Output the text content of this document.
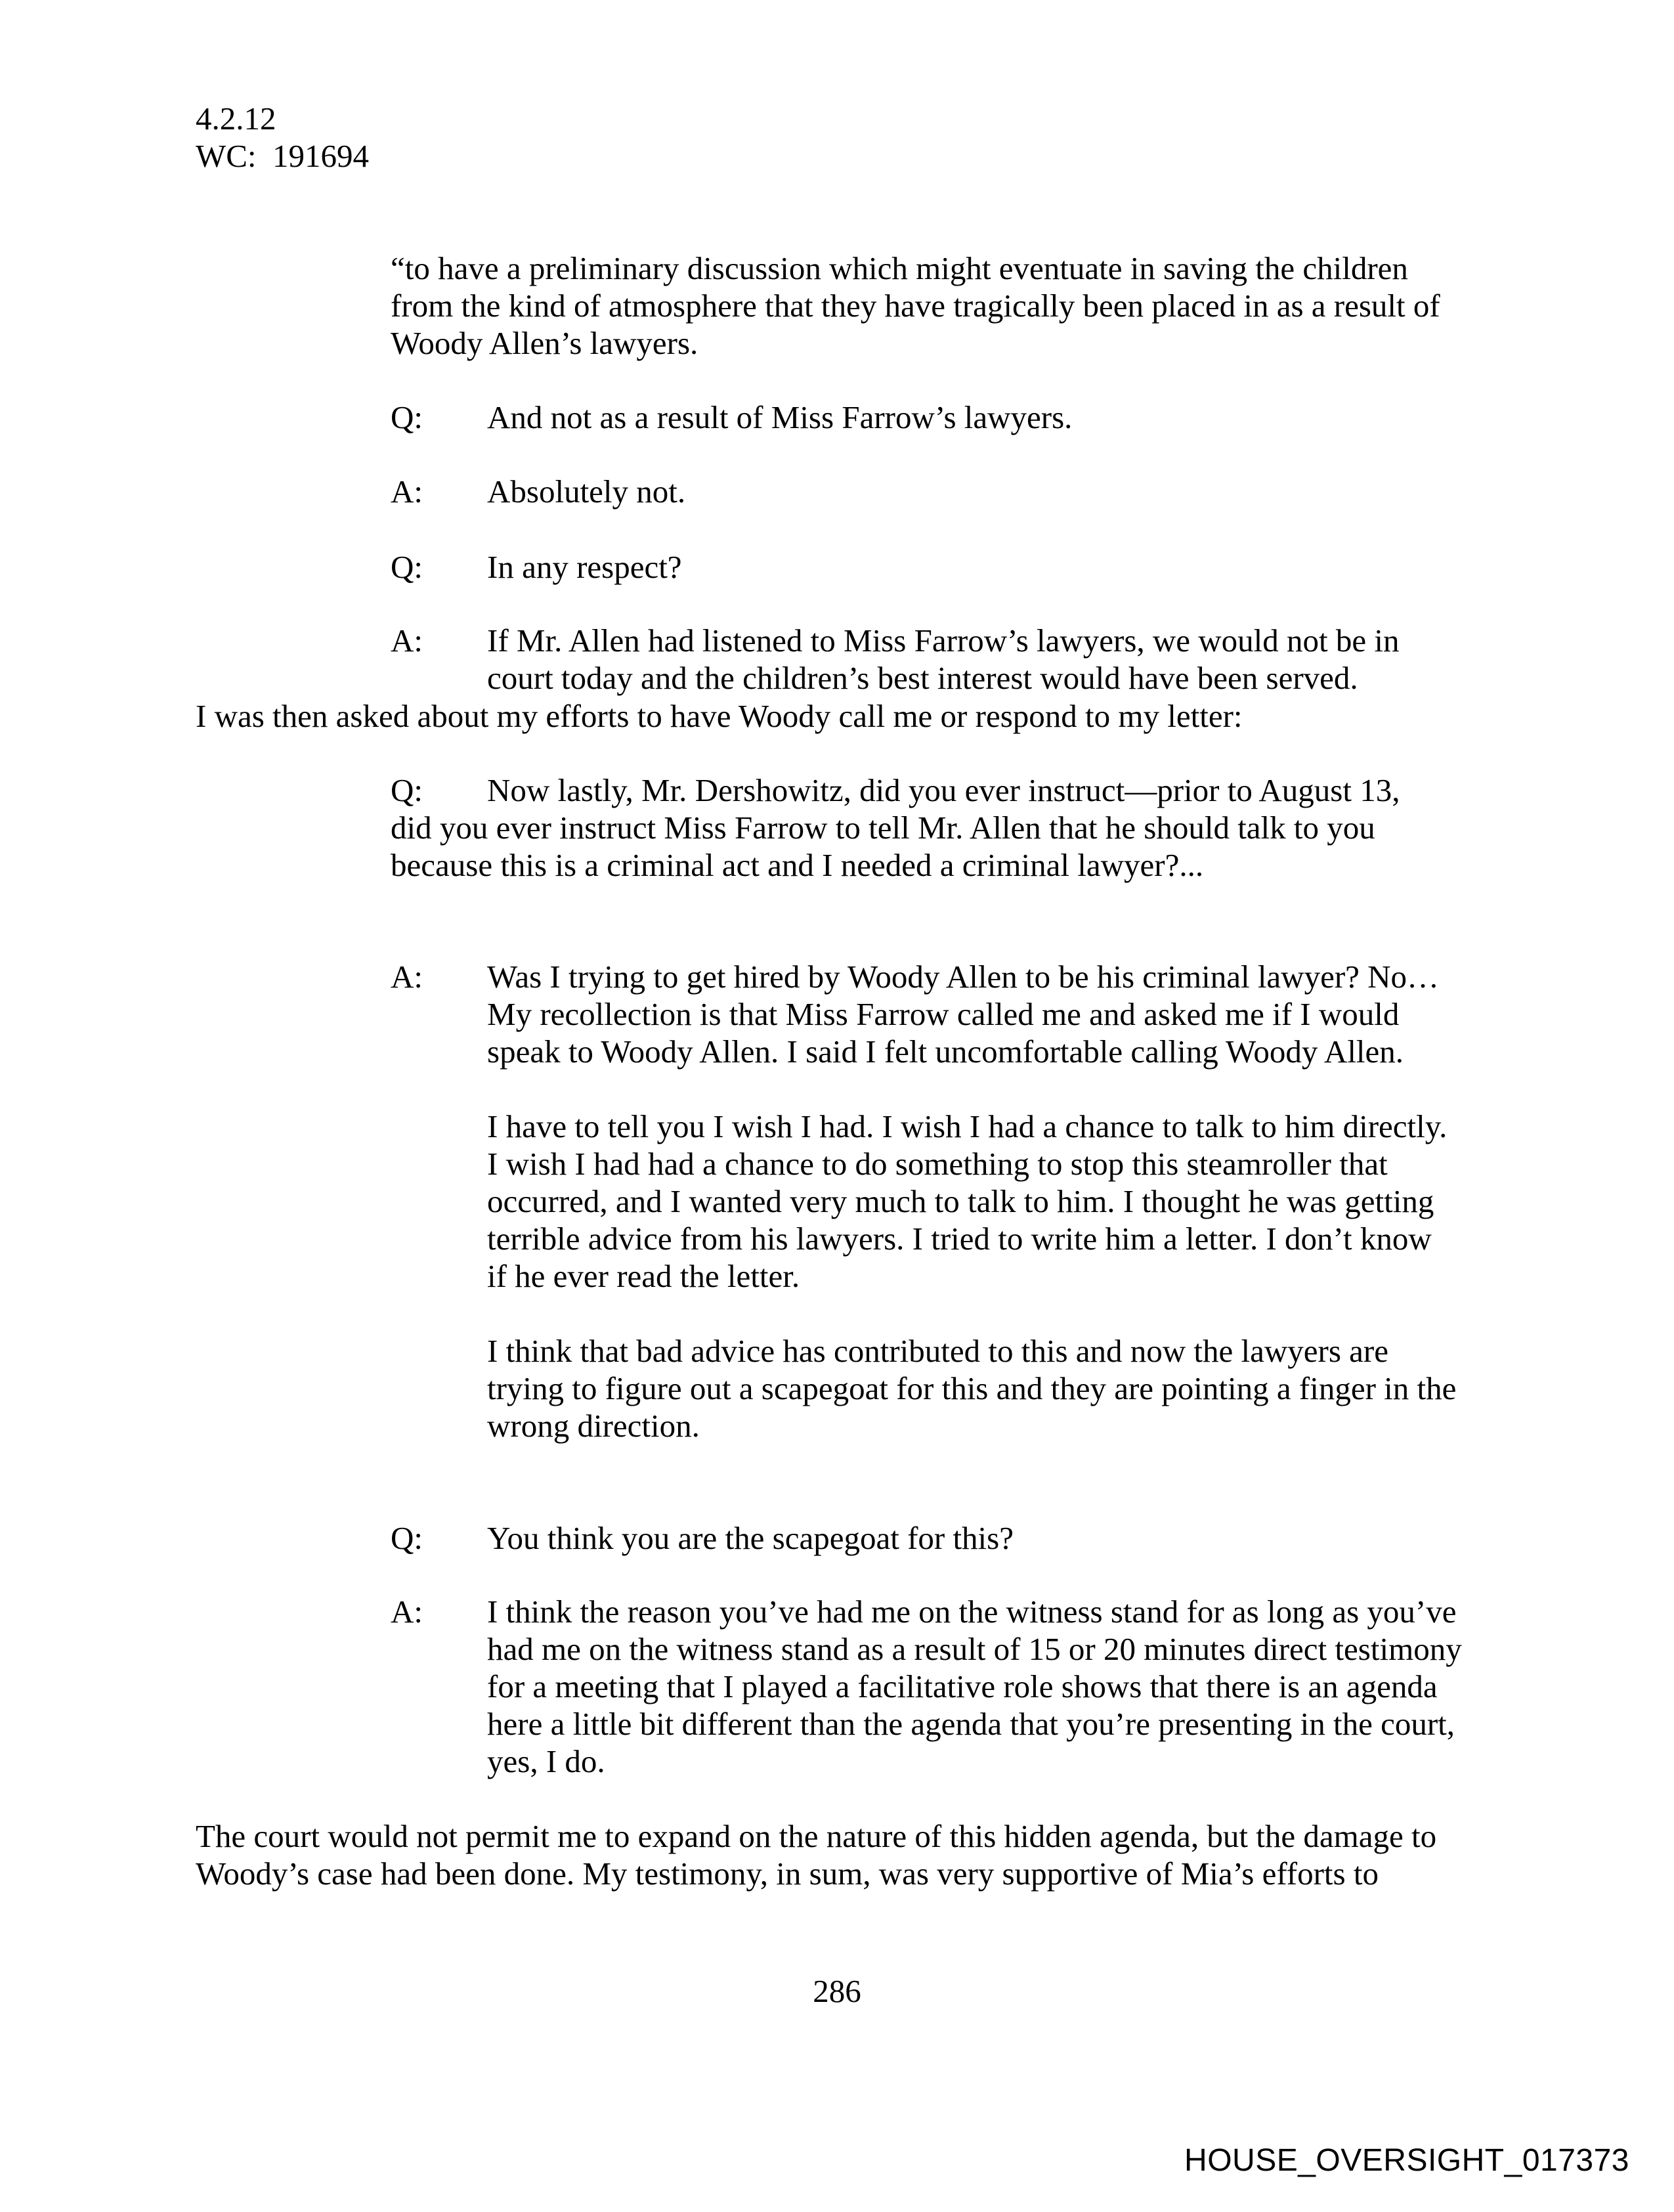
4.2.12
WC:  191694

“to have a preliminary discussion which might eventuate in saving the children from the kind of atmosphere that they have tragically been placed in as a result of Woody Allen’s lawyers.

Q: And not as a result of Miss Farrow’s lawyers.

A: Absolutely not.

Q: In any respect?

A: If Mr. Allen had listened to Miss Farrow’s lawyers, we would not be in court today and the children’s best interest would have been served.

I was then asked about my efforts to have Woody call me or respond to my letter:

Q: Now lastly, Mr. Dershowitz, did you ever instruct—prior to August 13, did you ever instruct Miss Farrow to tell Mr. Allen that he should talk to you because this is a criminal act and I needed a criminal lawyer?...

A: Was I trying to get hired by Woody Allen to be his criminal lawyer? No…My recollection is that Miss Farrow called me and asked me if I would speak to Woody Allen. I said I felt uncomfortable calling Woody Allen.

I have to tell you I wish I had. I wish I had a chance to talk to him directly. I wish I had had a chance to do something to stop this steamroller that occurred, and I wanted very much to talk to him. I thought he was getting terrible advice from his lawyers. I tried to write him a letter. I don’t know if he ever read the letter.

I think that bad advice has contributed to this and now the lawyers are trying to figure out a scapegoat for this and they are pointing a finger in the wrong direction.

Q: You think you are the scapegoat for this?

A: I think the reason you’ve had me on the witness stand for as long as you’ve had me on the witness stand as a result of 15 or 20 minutes direct testimony for a meeting that I played a facilitative role shows that there is an agenda here a little bit different than the agenda that you’re presenting in the court, yes, I do.

The court would not permit me to expand on the nature of this hidden agenda, but the damage to Woody’s case had been done. My testimony, in sum, was very supportive of Mia’s efforts to

286
HOUSE_OVERSIGHT_017373
